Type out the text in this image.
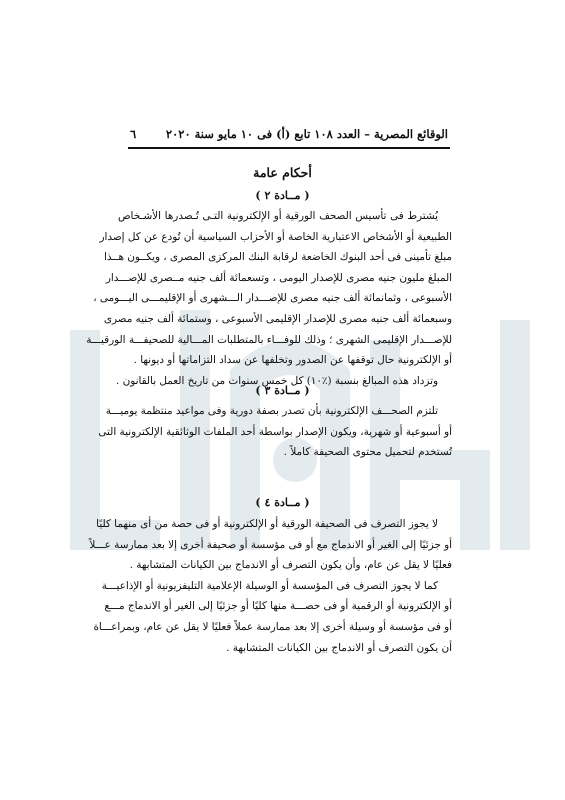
الوقائع المصرية – العدد ١٠٨ تابع (أ) فى ١٠ مايو سنة ٢٠٢٠
٦
أحكام عامة
( مــادة ٢ )
يُشترط فى تأسيس الصحف الورقية أو الإلكترونية التـى تُـصدرها الأشـخاص
الطبيعية أو الأشخاص الاعتبارية الخاصة أو الأحزاب السياسية أن تُودع عن كل إصدار
مبلغ تأمينى فى أحد البنوك الخاضعة لرقابة البنك المركزى المصرى ، ويكــون هــذا
المبلغ مليون جنيه مصرى للإصدار اليومى ، وتسعمائة ألف جنيه مــصرى للإصـــدار
الأسبوعى ، وثمانمائة ألف جنيه مصرى للإصـــدار الـــشهرى أو الإقليمـــى اليـــومى ،
وسبعمائة ألف جنيه مصرى للإصدار الإقليمى الأسبوعى ، وستمائة ألف جنيه مصرى
للإصـــدار الإقليمى الشهرى ؛ وذلك للوفـــاء بالمتطلبات المـــالية للصحيفـــة الورقيـــة
أو الإلكترونية حال توقفها عن الصدور وتخلفها عن سداد التزاماتها أو ديونها .
وتزداد هذه المبالغ بنسبة (٪١٠) كل خمس سنوات من تاريخ العمل بالقانون .
( مــادة ٣ )
تلتزم الصحـــف الإلكترونية بأن تصدر بصفة دورية وفى مواعيد منتظمة يوميـــة
أو أسبوعية أو شهرية، ويكون الإصدار بواسطة أحد الملفات الوثائقية الإلكترونية التى
تُستخدم لتحميل محتوى الصحيفة كاملاً .
( مــادة ٤ )
لا يجوز التصرف فى الصحيفة الورقية أو الإلكترونية أو فى حصة من أى منهما كليًا
أو جزئيًا إلى الغير أو الاندماج مع أو فى مؤسسة أو صحيفة أخرى إلا بعد ممارسة عـــلاً
فعليًا لا يقل عن عام، وأن يكون التصرف أو الاندماج بين الكيانات المتشابهة .
كما لا يجوز التصرف فى المؤسسة أو الوسيلة الإعلامية التليفزيونية أو الإذاعيـــة
أو الإلكترونية أو الرقمية أو فى حصـــة منها كليًا أو جزئيًا إلى الغير أو الاندماج مـــع
أو فى مؤسسة أو وسيلة أخرى إلا بعد ممارسة عملاً فعليًا لا يقل عن عام، وبمراعـــاة
أن يكون التصرف أو الاندماج بين الكيانات المتشابهة .
